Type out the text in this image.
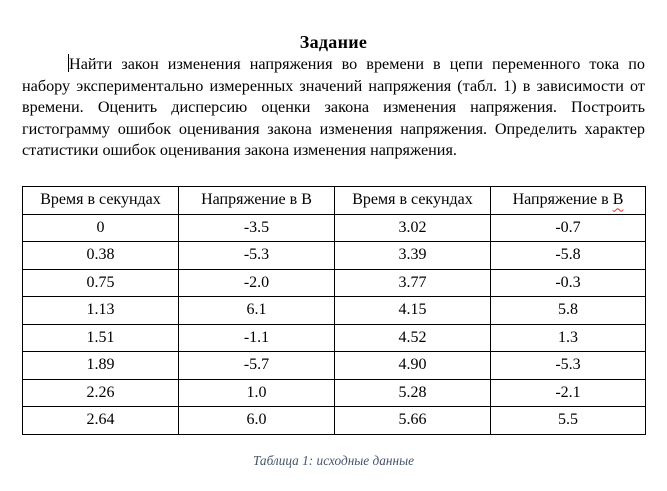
Задание

Найти закон изменения напряжения во времени в цепи переменного тока по набору экспериментально измеренных значений напряжения (табл. 1) в зависимости от времени. Оценить дисперсию оценки закона изменения напряжения. Построить гистограмму ошибок оценивания закона изменения напряжения. Определить характер статистики ошибок оценивания закона изменения напряжения.

Время в секундах	Напряжение в В	Время в секундах	Напряжение в В
0	-3.5	3.02	-0.7
0.38	-5.3	3.39	-5.8
0.75	-2.0	3.77	-0.3
1.13	6.1	4.15	5.8
1.51	-1.1	4.52	1.3
1.89	-5.7	4.90	-5.3
2.26	1.0	5.28	-2.1
2.64	6.0	5.66	5.5
Таблица 1: исходные данные
